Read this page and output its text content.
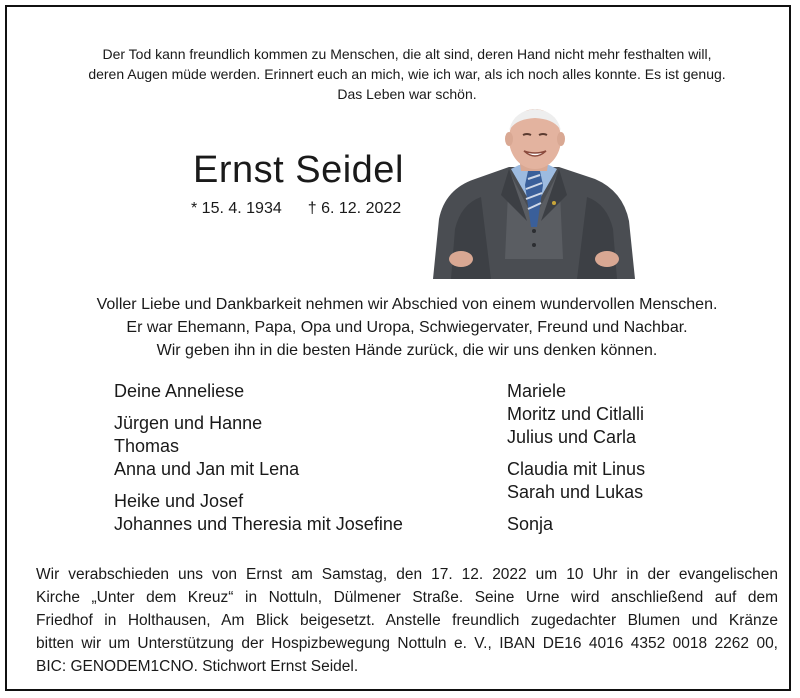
Der Tod kann freundlich kommen zu Menschen, die alt sind, deren Hand nicht mehr festhalten will,
deren Augen müde werden. Erinnert euch an mich, wie ich war, als ich noch alles konnte. Es ist genug.
Das Leben war schön.
Ernst Seidel
* 15. 4. 1934 † 6. 12. 2022
Voller Liebe und Dankbarkeit nehmen wir Abschied von einem wundervollen Menschen.
Er war Ehemann, Papa, Opa und Uropa, Schwiegervater, Freund und Nachbar.
Wir geben ihn in die besten Hände zurück, die wir uns denken können.
Deine Anneliese
Jürgen und Hanne
Thomas
Anna und Jan mit Lena
Heike und Josef
Johannes und Theresia mit Josefine
Mariele
Moritz und Citlalli
Julius und Carla
Claudia mit Linus
Sarah und Lukas
Sonja
Wir verabschieden uns von Ernst am Samstag, den 17. 12. 2022 um 10 Uhr in der evangelischen
Kirche „Unter dem Kreuz“ in Nottuln, Dülmener Straße. Seine Urne wird anschließend auf dem
Friedhof in Holthausen, Am Blick beigesetzt. Anstelle freundlich zugedachter Blumen und Kränze
bitten wir um Unterstützung der Hospizbewegung Nottuln e. V., IBAN DE16 4016 4352 0018 2262 00,
BIC: GENODEM1CNO. Stichwort Ernst Seidel.
